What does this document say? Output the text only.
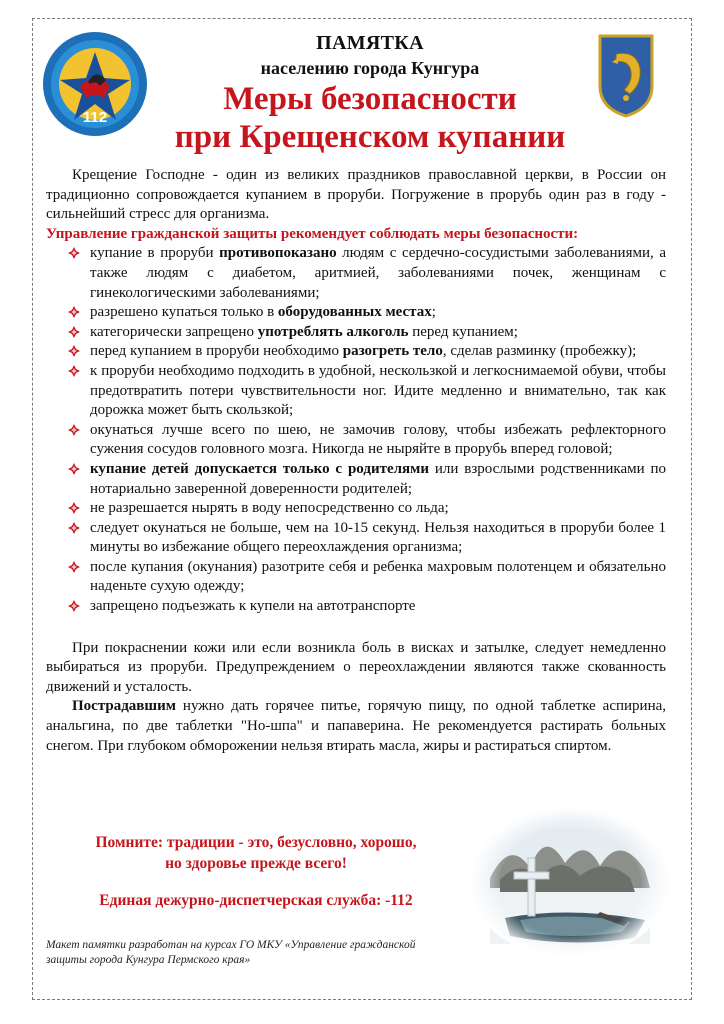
112
ПАМЯТКА
населению города Кунгура
Меры безопасности
при Крещенском купании

Крещение Господне - один из великих праздников православной церкви, в России он традиционно сопровождается купанием в проруби. Погружение в прорубь один раз в году - сильнейший стресс для организма.

Управление гражданской защиты рекомендует соблюдать меры безопасности:

купание в проруби противопоказано людям с сердечно-сосудистыми заболеваниями, а также людям с диабетом, аритмией, заболеваниями почек, женщинам с гинекологическими заболеваниями;
разрешено купаться только в оборудованных местах;
категорически запрещено употреблять алкоголь перед купанием;
перед купанием в проруби необходимо разогреть тело, сделав разминку (пробежку);
к проруби необходимо подходить в удобной, нескользкой и легкоснимаемой обуви, чтобы предотвратить потери чувствительности ног. Идите медленно и внимательно, так как дорожка может быть скользкой;
окунаться лучше всего по шею, не замочив голову, чтобы избежать рефлекторного сужения сосудов головного мозга. Никогда не ныряйте в прорубь вперед головой;
купание детей допускается только с родителями или взрослыми родственниками по нотариально заверенной доверенности родителей;
не разрешается нырять в воду непосредственно со льда;
следует окунаться не больше, чем на 10-15 секунд. Нельзя находиться в проруби более 1 минуты во избежание общего переохлаждения организма;
после купания (окунания) разотрите себя и ребенка махровым полотенцем и обязательно наденьте сухую одежду;
запрещено подъезжать к купели на автотранспорте

При покраснении кожи или если возникла боль в висках и затылке, следует немедленно выбираться из проруби. Предупреждением о переохлаждении являются также скованность движений и усталость.

Пострадавшим нужно дать горячее питье, горячую пищу, по одной таблетке аспирина, анальгина, по две таблетки "Но-шпа" и папаверина. Не рекомендуется растирать больных снегом. При глубоком обморожении нельзя втирать масла, жиры и растираться спиртом.

Помните: традиции - это, безусловно, хорошо,
но здоровье прежде всего!
Единая дежурно-диспетчерская служба: -112
Макет памятки разработан на курсах ГО МКУ «Управление гражданской
защиты города Кунгура Пермского края»
